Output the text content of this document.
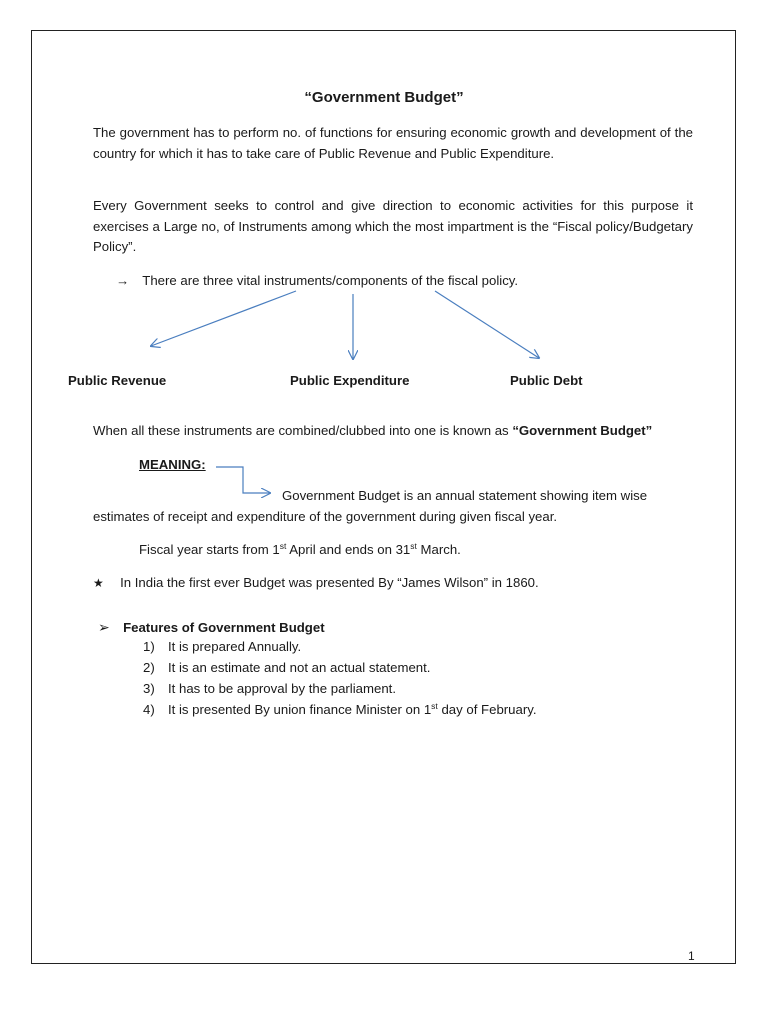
“Government Budget”
The government has to perform no. of functions for ensuring economic growth and development of the country for which it has to take care of Public Revenue and Public Expenditure.
Every Government seeks to control and give direction to economic activities for this purpose it exercises a Large no, of Instruments among which the most impartment is the “Fiscal policy/Budgetary Policy”.
→ There are three vital instruments/components of the fiscal policy.
Public Revenue	Public Expenditure	Public Debt
When all these instruments are combined/clubbed into one is known as “Government Budget”
MEANING:
Government Budget is an annual statement showing item wise
estimates of receipt and expenditure of the government during given fiscal year.
Fiscal year starts from 1st April and ends on 31st March.
★ In India the first ever Budget was presented By “James Wilson” in 1860.
➢ Features of Government Budget
1) It is prepared Annually.
2) It is an estimate and not an actual statement.
3) It has to be approval by the parliament.
4) It is presented By union finance Minister on 1st day of February.
1
